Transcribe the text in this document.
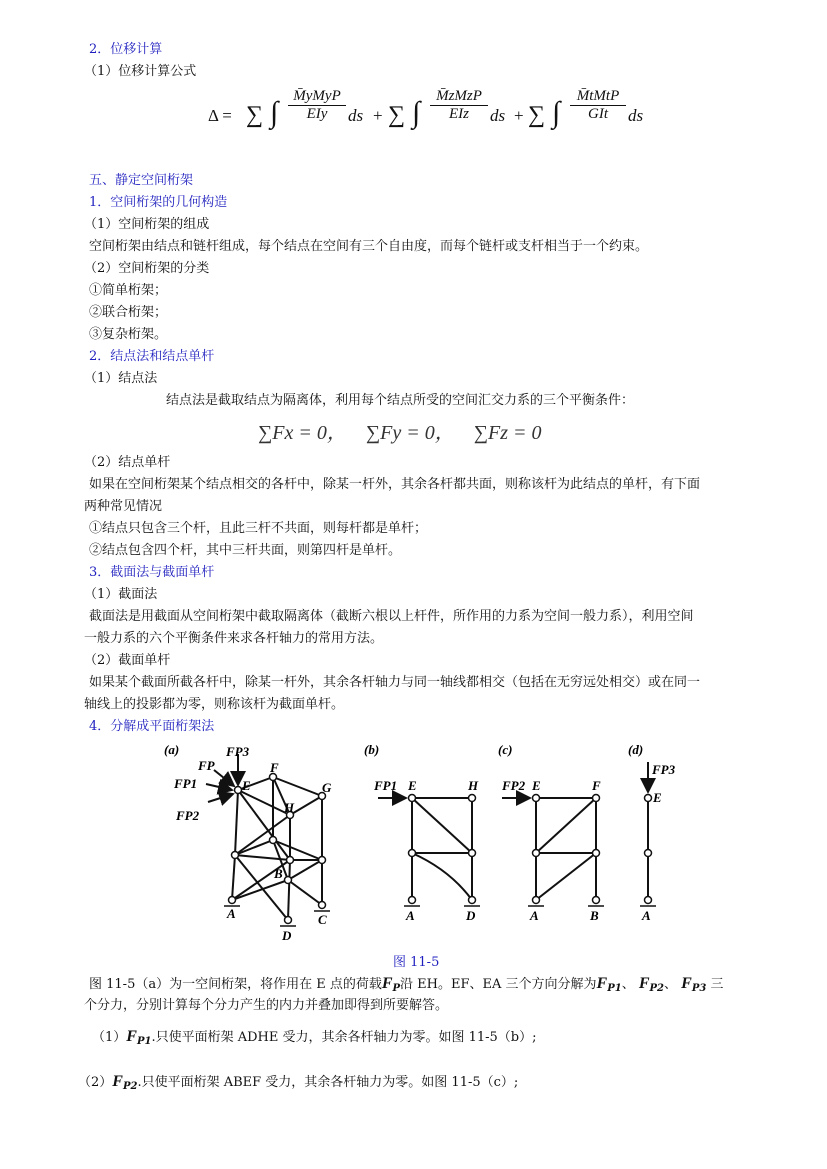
2．位移计算
（1）位移计算公式
Δ = ∑ ∫	M̄yMyP
EIy	ds + ∑ ∫	M̄zMzP
EIz	ds + ∑ ∫	M̄tMtP
GIt	ds
五、静定空间桁架
1．空间桁架的几何构造
（1）空间桁架的组成
空间桁架由结点和链杆组成，每个结点在空间有三个自由度，而每个链杆或支杆相当于一个约束。
（2）空间桁架的分类
①简单桁架；
②联合桁架；
③复杂桁架。
2．结点法和结点单杆
（1）结点法
结点法是截取结点为隔离体，利用每个结点所受的空间汇交力系的三个平衡条件：
∑Fx = 0， ∑Fy = 0， ∑Fz = 0
（2）结点单杆
如果在空间桁架某个结点相交的各杆中，除某一杆外，其余各杆都共面，则称该杆为此结点的单杆，有下面
两种常见情况
①结点只包含三个杆，且此三杆不共面，则每杆都是单杆；
②结点包含四个杆，其中三杆共面，则第四杆是单杆。
3．截面法与截面单杆
（1）截面法
截面法是用截面从空间桁架中截取隔离体（截断六根以上杆件，所作用的力系为空间一般力系），利用空间
一般力系的六个平衡条件来求各杆轴力的常用方法。
（2）截面单杆
如果某个截面所截各杆中，除某一杆外，其余各杆轴力与同一轴线都相交（包括在无穷远处相交）或在同一
轴线上的投影都为零，则称该杆为截面单杆。
4．分解成平面桁架法
(a)
FP
FP3
FP1
FP2
E
F
G
H
B
A	C
D
(b)
FP1 E	H
A	D
(c)
FP2 E	F
A	B
(d)
FP3
E
A
图 11-5
图 11-5（a）为一空间桁架，将作用在 E 点的荷载$F_P$沿 EH。EF、EA 三个方向分解为$F_{P1}$、 $F_{P2}$、 $F_{P3}$ 三
个分力，分别计算每个分力产生的内力并叠加即得到所要解答。
$(1)F_{P1}$.只使平面桁架 ADHE 受力，其余各杆轴力为零。如图 11-5（b）;
$(2)F_{P2}$.只使平面桁架 ABEF 受力，其余各杆轴力为零。如图 11-5（c）;
